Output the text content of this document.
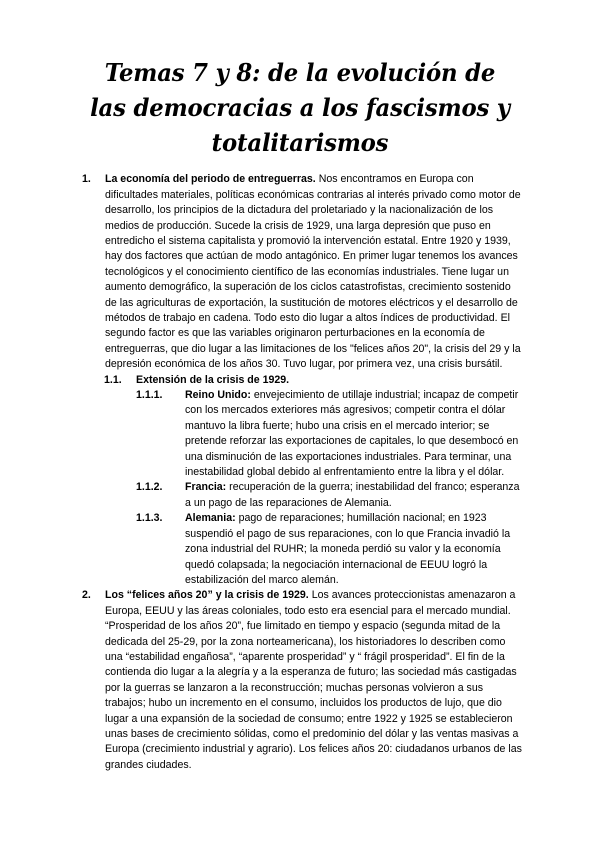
Temas 7 y 8: de la evolución de las democracias a los fascismos y totalitarismos
1.	La economía del periodo de entreguerras. Nos encontramos en Europa con dificultades materiales, políticas económicas contrarias al interés privado como motor de desarrollo, los principios de la dictadura del proletariado y la nacionalización de los medios de producción. Sucede la crisis de 1929, una larga depresión que puso en entredicho el sistema capitalista y promovió la intervención estatal. Entre 1920 y 1939, hay dos factores que actúan de modo antagónico. En primer lugar tenemos los avances tecnológicos y el conocimiento científico de las economías industriales. Tiene lugar un aumento demográfico, la superación de los ciclos catastrofistas, crecimiento sostenido de las agriculturas de exportación, la sustitución de motores eléctricos y el desarrollo de métodos de trabajo en cadena. Todo esto dio lugar a altos índices de productividad. El segundo factor es que las variables originaron perturbaciones en la economía de entreguerras, que dio lugar a las limitaciones de los "felices años 20", la crisis del 29 y la depresión económica de los años 30. Tuvo lugar, por primera vez, una crisis bursátil.

1.1.	Extensión de la crisis de 1929.
1.1.1.	Reino Unido: envejecimiento de utillaje industrial; incapaz de competir con los mercados exteriores más agresivos; competir contra el dólar mantuvo la libra fuerte; hubo una crisis en el mercado interior; se pretende reforzar las exportaciones de capitales, lo que desembocó en una disminución de las exportaciones industriales. Para terminar, una inestabilidad global debido al enfrentamiento entre la libra y el dólar.

1.1.2.	Francia: recuperación de la guerra; inestabilidad del franco; esperanza a un pago de las reparaciones de Alemania.

1.1.3.	Alemania: pago de reparaciones; humillación nacional; en 1923 suspendió el pago de sus reparaciones, con lo que Francia invadió la zona industrial del RUHR; la moneda perdió su valor y la economía quedó colapsada; la negociación internacional de EEUU logró la estabilización del marco alemán.

2.	Los “felices años 20” y la crisis de 1929. Los avances proteccionistas amenazaron a Europa, EEUU y las áreas coloniales, todo esto era esencial para el mercado mundial. “Prosperidad de los años 20”, fue limitado en tiempo y espacio (segunda mitad de la dedicada del 25-29, por la zona norteamericana), los historiadores lo describen como una “estabilidad engañosa”, “aparente prosperidad” y “ frágil prosperidad”. El fin de la contienda dio lugar a la alegría y a la esperanza de futuro; las sociedad más castigadas por la guerras se lanzaron a la reconstrucción; muchas personas volvieron a sus trabajos; hubo un incremento en el consumo, incluidos los productos de lujo, que dio lugar a una expansión de la sociedad de consumo; entre 1922 y 1925 se establecieron unas bases de crecimiento sólidas, como el predominio del dólar y las ventas masivas a Europa (crecimiento industrial y agrario). Los felices años 20: ciudadanos urbanos de las grandes ciudades.
